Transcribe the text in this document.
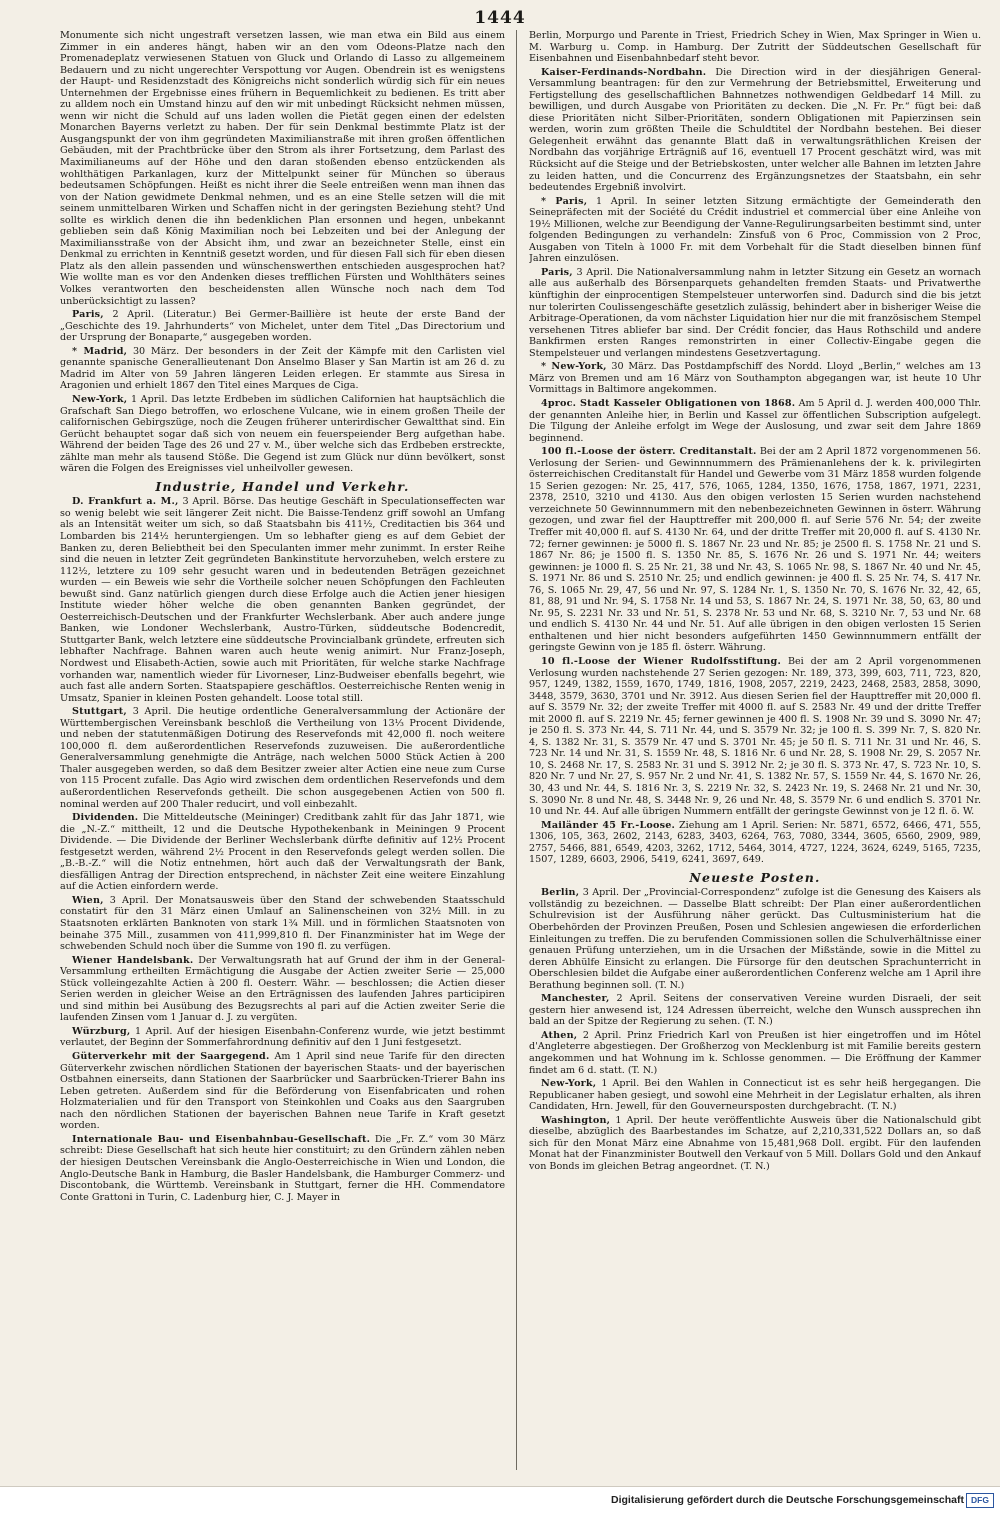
1444

Monumente sich nicht ungestraft versetzen lassen, wie man etwa ein Bild aus einem Zimmer in ein anderes hängt, haben wir an den vom Odeons-Platze nach den Promenadeplatz verwiesenen Statuen von Gluck und Orlando di Lasso zu allgemeinem Bedauern und zu nicht ungerechter Verspottung vor Augen. Obendrein ist es wenigstens der Haupt- und Residenzstadt des Königreichs nicht sonderlich würdig sich für ein neues Unternehmen der Ergebnisse eines frühern in Bequemlichkeit zu bedienen. Es tritt aber zu alldem noch ein Umstand hinzu auf den wir mit unbedingt Rücksicht nehmen müssen, wenn wir nicht die Schuld auf uns laden wollen die Pietät gegen einen der edelsten Monarchen Bayerns verletzt zu haben. Der für sein Denkmal bestimmte Platz ist der Ausgangspunkt der von ihm gegründeten Maximilianstraße mit ihren großen öffentlichen Gebäuden, mit der Prachtbrücke über den Strom als ihrer Fortsetzung, dem Parlast des Maximilianeums auf der Höhe und den daran stoßenden ebenso entzückenden als wohlthätigen Parkanlagen, kurz der Mittelpunkt seiner für München so überaus bedeutsamen Schöpfungen. Heißt es nicht ihrer die Seele entreißen wenn man ihnen das von der Nation gewidmete Denkmal nehmen, und es an eine Stelle setzen will die mit seinem unmittelbaren Wirken und Schaffen nicht in der geringsten Beziehung steht? Und sollte es wirklich denen die ihn bedenklichen Plan ersonnen und hegen, unbekannt geblieben sein daß König Maximilian noch bei Lebzeiten und bei der Anlegung der Maximiliansstraße von der Absicht ihm, und zwar an bezeichneter Stelle, einst ein Denkmal zu errichten in Kenntniß gesetzt worden, und für diesen Fall sich für eben diesen Platz als den allein passenden und wünschenswerthen entschieden ausgesprochen hat? Wie wollte man es vor den Andenken dieses trefflichen Fürsten und Wohlthäters seines Volkes verantworten den bescheidensten allen Wünsche noch nach dem Tod unberücksichtigt zu lassen?

Paris, 2 April. (Literatur.) Bei Germer-Baillière ist heute der erste Band der „Geschichte des 19. Jahrhunderts“ von Michelet, unter dem Titel „Das Directorium und der Ursprung der Bonaparte,“ ausgegeben worden.

* Madrid, 30 März. Der besonders in der Zeit der Kämpfe mit den Carlisten viel genannte spanische Generallieutenant Don Anselmo Blaser y San Martin ist am 26 d. zu Madrid im Alter von 59 Jahren längeren Leiden erlegen. Er stammte aus Siresa in Aragonien und erhielt 1867 den Titel eines Marques de Ciga.

New-York, 1 April. Das letzte Erdbeben im südlichen Californien hat hauptsächlich die Grafschaft San Diego betroffen, wo erloschene Vulcane, wie in einem großen Theile der californischen Gebirgszüge, noch die Zeugen früherer unterirdischer Gewaltthat sind. Ein Gerücht behauptet sogar daß sich von neuem ein feuerspeiender Berg aufgethan habe. Während der beiden Tage des 26 und 27 v. M., über welche sich das Erdbeben erstreckte, zählte man mehr als tausend Stöße. Die Gegend ist zum Glück nur dünn bevölkert, sonst wären die Folgen des Ereignisses viel unheilvoller gewesen.

Industrie, Handel und Verkehr.

D. Frankfurt a. M., 3 April. Börse. Das heutige Geschäft in Speculationseffecten war so wenig belebt wie seit längerer Zeit nicht. Die Baisse-Tendenz griff sowohl an Umfang als an Intensität weiter um sich, so daß Staatsbahn bis 411½, Creditactien bis 364 und Lombarden bis 214½ heruntergiengen. Um so lebhafter gieng es auf dem Gebiet der Banken zu, deren Beliebtheit bei den Speculanten immer mehr zunimmt. In erster Reihe sind die neuen in letzter Zeit gegründeten Bankinstitute hervorzuheben, welch erstere zu 112½, letztere zu 109 sehr gesucht waren und in bedeutenden Beträgen gezeichnet wurden — ein Beweis wie sehr die Vortheile solcher neuen Schöpfungen den Fachleuten bewußt sind. Ganz natürlich giengen durch diese Erfolge auch die Actien jener hiesigen Institute wieder höher welche die oben genannten Banken gegründet, der Oesterreichisch-Deutschen und der Frankfurter Wechslerbank. Aber auch andere junge Banken, wie Londoner Wechslerbank, Austro-Türken, süddeutsche Bodencredit, Stuttgarter Bank, welch letztere eine süddeutsche Provincialbank gründete, erfreuten sich lebhafter Nachfrage. Bahnen waren auch heute wenig animirt. Nur Franz-Joseph, Nordwest und Elisabeth-Actien, sowie auch mit Prioritäten, für welche starke Nachfrage vorhanden war, namentlich wieder für Livorneser, Linz-Budweiser ebenfalls begehrt, wie auch fast alle andern Sorten. Staatspapiere geschäftlos. Oesterreichische Renten wenig in Umsatz, Spanier in kleinen Posten gehandelt. Loose total still.

Stuttgart, 3 April. Die heutige ordentliche Generalversammlung der Actionäre der Württembergischen Vereinsbank beschloß die Vertheilung von 13⅓ Procent Dividende, und neben der statutenmäßigen Dotirung des Reservefonds mit 42,000 fl. noch weitere 100,000 fl. dem außerordentlichen Reservefonds zuzuweisen. Die außerordentliche Generalversammlung genehmigte die Anträge, nach welchen 5000 Stück Actien à 200 Thaler ausgegeben werden, so daß dem Besitzer zweier alter Actien eine neue zum Curse von 115 Procent zufalle. Das Agio wird zwischen dem ordentlichen Reservefonds und dem außerordentlichen Reservefonds getheilt. Die schon ausgegebenen Actien von 500 fl. nominal werden auf 200 Thaler reducirt, und voll einbezahlt.

Dividenden. Die Mitteldeutsche (Meininger) Creditbank zahlt für das Jahr 1871, wie die „N.-Z.“ mittheilt, 12 und die Deutsche Hypothekenbank in Meiningen 9 Procent Dividende. — Die Dividende der Berliner Wechslerbank dürfte definitiv auf 12½ Procent festgesetzt werden, während 2½ Procent in den Reservefonds gelegt werden sollen. Die „B.-B.-Z.“ will die Notiz entnehmen, hört auch daß der Verwaltungsrath der Bank, diesfälligen Antrag der Direction entsprechend, in nächster Zeit eine weitere Einzahlung auf die Actien einfordern werde.

Wien, 3 April. Der Monatsausweis über den Stand der schwebenden Staatsschuld constatirt für den 31 März einen Umlauf an Salinenscheinen von 32½ Mill. in zu Staatsnoten erklärten Banknoten von stark 1¾ Mill. und in förmlichen Staatsnoten von beinahe 375 Mill., zusammen von 411,999,810 fl. Der Finanzminister hat im Wege der schwebenden Schuld noch über die Summe von 190 fl. zu verfügen.

Wiener Handelsbank. Der Verwaltungsrath hat auf Grund der ihm in der General-Versammlung ertheilten Ermächtigung die Ausgabe der Actien zweiter Serie — 25,000 Stück volleingezahlte Actien à 200 fl. Oesterr. Währ. — beschlossen; die Actien dieser Serien werden in gleicher Weise an den Erträgnissen des laufenden Jahres participiren und sind mithin bei Ausübung des Bezugsrechts al pari auf die Actien zweiter Serie die laufenden Zinsen vom 1 Januar d. J. zu vergüten.

Würzburg, 1 April. Auf der hiesigen Eisenbahn-Conferenz wurde, wie jetzt bestimmt verlautet, der Beginn der Sommerfahrordnung definitiv auf den 1 Juni festgesetzt.

Güterverkehr mit der Saargegend. Am 1 April sind neue Tarife für den directen Güterverkehr zwischen nördlichen Stationen der bayerischen Staats- und der bayerischen Ostbahnen einerseits, dann Stationen der Saarbrücker und Saarbrücken-Trierer Bahn ins Leben getreten. Außerdem sind für die Beförderung von Eisenfabricaten und rohen Holzmaterialien und für den Transport von Steinkohlen und Coaks aus den Saargruben nach den nördlichen Stationen der bayerischen Bahnen neue Tarife in Kraft gesetzt worden.

Internationale Bau- und Eisenbahnbau-Gesellschaft. Die „Fr. Z.“ vom 30 März schreibt: Diese Gesellschaft hat sich heute hier constituirt; zu den Gründern zählen neben der hiesigen Deutschen Vereinsbank die Anglo-Oesterreichische in Wien und London, die Anglo-Deutsche Bank in Hamburg, die Basler Handelsbank, die Hamburger Commerz- und Discontobank, die Württemb. Vereinsbank in Stuttgart, ferner die HH. Commendatore Conte Grattoni in Turin, C. Ladenburg hier, C. J. Mayer in

Berlin, Morpurgo und Parente in Triest, Friedrich Schey in Wien, Max Springer in Wien u. M. Warburg u. Comp. in Hamburg. Der Zutritt der Süddeutschen Gesellschaft für Eisenbahnen und Eisenbahnbedarf steht bevor.

Kaiser-Ferdinands-Nordbahn. Die Direction wird in der diesjährigen General-Versammlung beantragen: für den zur Vermehrung der Betriebsmittel, Erweiterung und Fertigstellung des gesellschaftlichen Bahnnetzes nothwendigen Geldbedarf 14 Mill. zu bewilligen, und durch Ausgabe von Prioritäten zu decken. Die „N. Fr. Pr.“ fügt bei: daß diese Prioritäten nicht Silber-Prioritäten, sondern Obligationen mit Papierzinsen sein werden, worin zum größten Theile die Schuldtitel der Nordbahn bestehen. Bei dieser Gelegenheit erwähnt das genannte Blatt daß in verwaltungsräthlichen Kreisen der Nordbahn das vorjährige Erträgniß auf 16, eventuell 17 Procent geschätzt wird, was mit Rücksicht auf die Steige und der Betriebskosten, unter welcher alle Bahnen im letzten Jahre zu leiden hatten, und die Concurrenz des Ergänzungsnetzes der Staatsbahn, ein sehr bedeutendes Ergebniß involvirt.

* Paris, 1 April. In seiner letzten Sitzung ermächtigte der Gemeinderath den Seinepräfecten mit der Société du Crédit industriel et commercial über eine Anleihe von 19½ Millionen, welche zur Beendigung der Vanne-Regulirungsarbeiten bestimmt sind, unter folgenden Bedingungen zu verhandeln: Zinsfuß von 6 Proc, Commission von 2 Proc, Ausgaben von Titeln à 1000 Fr. mit dem Vorbehalt für die Stadt dieselben binnen fünf Jahren einzulösen.

Paris, 3 April. Die Nationalversammlung nahm in letzter Sitzung ein Gesetz an wornach alle aus außerhalb des Börsenparquets gehandelten fremden Staats- und Privatwerthe künftighin der einprocentigen Stempelsteuer unterworfen sind. Dadurch sind die bis jetzt nur tolerirten Coulissengeschäfte gesetzlich zulässig, behindert aber in bisheriger Weise die Arbitrage-Operationen, da vom nächster Liquidation hier nur die mit französischem Stempel versehenen Titres abliefer bar sind. Der Crédit foncier, das Haus Rothschild und andere Bankfirmen ersten Ranges remonstrirten in einer Collectiv-Eingabe gegen die Stempelsteuer und verlangen mindestens Gesetzvertagung.

* New-York, 30 März. Das Postdampfschiff des Nordd. Lloyd „Berlin,“ welches am 13 März von Bremen und am 16 März von Southampton abgegangen war, ist heute 10 Uhr Vormittags in Baltimore angekommen.

4proc. Stadt Kasseler Obligationen von 1868. Am 5 April d. J. werden 400,000 Thlr. der genannten Anleihe hier, in Berlin und Kassel zur öffentlichen Subscription aufgelegt. Die Tilgung der Anleihe erfolgt im Wege der Auslosung, und zwar seit dem Jahre 1869 beginnend.

100 fl.-Loose der österr. Creditanstalt. Bei der am 2 April 1872 vorgenommenen 56. Verlosung der Serien- und Gewinnnummern des Prämienanlehens der k. k. privilegirten österreichischen Creditanstalt für Handel und Gewerbe vom 31 März 1858 wurden folgende 15 Serien gezogen: Nr. 25, 417, 576, 1065, 1284, 1350, 1676, 1758, 1867, 1971, 2231, 2378, 2510, 3210 und 4130. Aus den obigen verlosten 15 Serien wurden nachstehend verzeichnete 50 Gewinnnummern mit den nebenbezeichneten Gewinnen in österr. Währung gezogen, und zwar fiel der Haupttreffer mit 200,000 fl. auf Serie 576 Nr. 54; der zweite Treffer mit 40,000 fl. auf S. 4130 Nr. 64, und der dritte Treffer mit 20,000 fl. auf S. 4130 Nr. 72; ferner gewinnen: je 5000 fl. S. 1867 Nr. 23 und Nr. 85; je 2500 fl. S. 1758 Nr. 21 und S. 1867 Nr. 86; je 1500 fl. S. 1350 Nr. 85, S. 1676 Nr. 26 und S. 1971 Nr. 44; weiters gewinnen: je 1000 fl. S. 25 Nr. 21, 38 und Nr. 43, S. 1065 Nr. 98, S. 1867 Nr. 40 und Nr. 45, S. 1971 Nr. 86 und S. 2510 Nr. 25; und endlich gewinnen: je 400 fl. S. 25 Nr. 74, S. 417 Nr. 76, S. 1065 Nr. 29, 47, 56 und Nr. 97, S. 1284 Nr. 1, S. 1350 Nr. 70, S. 1676 Nr. 32, 42, 65, 81, 88, 91 und Nr. 94, S. 1758 Nr. 14 und 53, S. 1867 Nr. 24, S. 1971 Nr. 38, 50, 63, 80 und Nr. 95, S. 2231 Nr. 33 und Nr. 51, S. 2378 Nr. 53 und Nr. 68, S. 3210 Nr. 7, 53 und Nr. 68 und endlich S. 4130 Nr. 44 und Nr. 51. Auf alle übrigen in den obigen verlosten 15 Serien enthaltenen und hier nicht besonders aufgeführten 1450 Gewinnnummern entfällt der geringste Gewinn von je 185 fl. österr. Währung.

10 fl.-Loose der Wiener Rudolfsstiftung. Bei der am 2 April vorgenommenen Verlosung wurden nachstehende 27 Serien gezogen: Nr. 189, 373, 399, 603, 711, 723, 820, 957, 1249, 1382, 1559, 1670, 1749, 1816, 1908, 2057, 2219, 2423, 2468, 2583, 2858, 3090, 3448, 3579, 3630, 3701 und Nr. 3912. Aus diesen Serien fiel der Haupttreffer mit 20,000 fl. auf S. 3579 Nr. 32; der zweite Treffer mit 4000 fl. auf S. 2583 Nr. 49 und der dritte Treffer mit 2000 fl. auf S. 2219 Nr. 45; ferner gewinnen je 400 fl. S. 1908 Nr. 39 und S. 3090 Nr. 47; je 250 fl. S. 373 Nr. 44, S. 711 Nr. 44, und S. 3579 Nr. 32; je 100 fl. S. 399 Nr. 7, S. 820 Nr. 4, S. 1382 Nr. 31, S. 3579 Nr. 47 und S. 3701 Nr. 45; je 50 fl. S. 711 Nr. 31 und Nr. 46, S. 723 Nr. 14 und Nr. 31, S. 1559 Nr. 48, S. 1816 Nr. 6 und Nr. 28, S. 1908 Nr. 29, S. 2057 Nr. 10, S. 2468 Nr. 17, S. 2583 Nr. 31 und S. 3912 Nr. 2; je 30 fl. S. 373 Nr. 47, S. 723 Nr. 10, S. 820 Nr. 7 und Nr. 27, S. 957 Nr. 2 und Nr. 41, S. 1382 Nr. 57, S. 1559 Nr. 44, S. 1670 Nr. 26, 30, 43 und Nr. 44, S. 1816 Nr. 3, S. 2219 Nr. 32, S. 2423 Nr. 19, S. 2468 Nr. 21 und Nr. 30, S. 3090 Nr. 8 und Nr. 48, S. 3448 Nr. 9, 26 und Nr. 48, S. 3579 Nr. 6 und endlich S. 3701 Nr. 10 und Nr. 44. Auf alle übrigen Nummern entfällt der geringste Gewinnst von je 12 fl. ö. W.

Mailänder 45 Fr.-Loose. Ziehung am 1 April. Serien: Nr. 5871, 6572, 6466, 471, 555, 1306, 105, 363, 2602, 2143, 6283, 3403, 6264, 763, 7080, 3344, 3605, 6560, 2909, 989, 2757, 5466, 881, 6549, 4203, 3262, 1712, 5464, 3014, 4727, 1224, 3624, 6249, 5165, 7235, 1507, 1289, 6603, 2906, 5419, 6241, 3697, 649.

Neueste Posten.

Berlin, 3 April. Der „Provincial-Correspondenz“ zufolge ist die Genesung des Kaisers als vollständig zu bezeichnen. — Dasselbe Blatt schreibt: Der Plan einer außerordentlichen Schulrevision ist der Ausführung näher gerückt. Das Cultusministerium hat die Oberbehörden der Provinzen Preußen, Posen und Schlesien angewiesen die erforderlichen Einleitungen zu treffen. Die zu berufenden Commissionen sollen die Schulverhältnisse einer genauen Prüfung unterziehen, um in die Ursachen der Mißstände, sowie in die Mittel zu deren Abhülfe Einsicht zu erlangen. Die Fürsorge für den deutschen Sprachunterricht in Oberschlesien bildet die Aufgabe einer außerordentlichen Conferenz welche am 1 April ihre Berathung beginnen soll. (T. N.)

Manchester, 2 April. Seitens der conservativen Vereine wurden Disraeli, der seit gestern hier anwesend ist, 124 Adressen überreicht, welche den Wunsch aussprechen ihn bald an der Spitze der Regierung zu sehen. (T. N.)

Athen, 2 April. Prinz Friedrich Karl von Preußen ist hier eingetroffen und im Hôtel d'Angleterre abgestiegen. Der Großherzog von Mecklenburg ist mit Familie bereits gestern angekommen und hat Wohnung im k. Schlosse genommen. — Die Eröffnung der Kammer findet am 6 d. statt. (T. N.)

New-York, 1 April. Bei den Wahlen in Connecticut ist es sehr heiß hergegangen. Die Republicaner haben gesiegt, und sowohl eine Mehrheit in der Legislatur erhalten, als ihren Candidaten, Hrn. Jewell, für den Gouverneursposten durchgebracht. (T. N.)

Washington, 1 April. Der heute veröffentlichte Ausweis über die Nationalschuld gibt dieselbe, abzüglich des Baarbestandes im Schatze, auf 2,210,331,522 Dollars an, so daß sich für den Monat März eine Abnahme von 15,481,968 Doll. ergibt. Für den laufenden Monat hat der Finanzminister Boutwell den Verkauf von 5 Mill. Dollars Gold und den Ankauf von Bonds im gleichen Betrag angeordnet. (T. N.)

Digitalisierung gefördert durch die Deutsche Forschungsgemeinschaft DFG
